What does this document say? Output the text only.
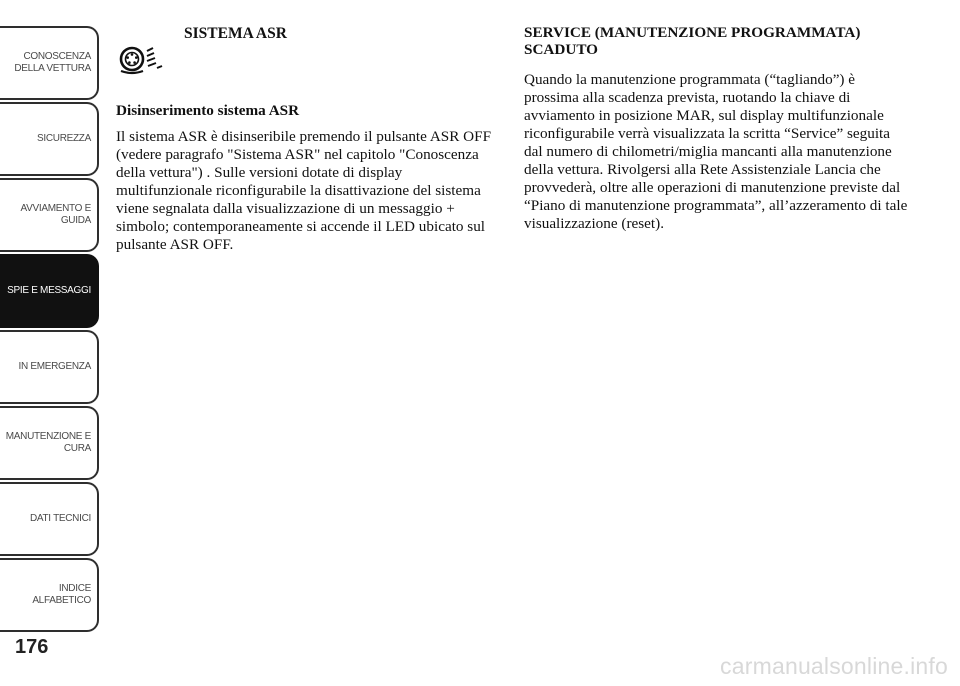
CONOSCENZA
DELLA VETTURA
SICUREZZA
AVVIAMENTO E
GUIDA
SPIE E MESSAGGI
IN EMERGENZA
MANUTENZIONE E
CURA
DATI TECNICI
INDICE
ALFABETICO
176
SISTEMA ASR
Disinserimento sistema ASR
Il sistema ASR è disinseribile premendo il pulsante ASR OFF (vedere paragrafo "Sistema ASR" nel capitolo "Conoscenza della vettura") . Sulle versioni dotate di display multifunzionale riconfigurabile la disattivazione del sistema viene segnalata dalla visualizzazione di un messaggio + simbolo; contemporaneamente si accende il LED ubicato sul pulsante ASR OFF.
SERVICE (MANUTENZIONE PROGRAMMATA) SCADUTO
Quando la manutenzione programmata (“tagliando”) è prossima alla scadenza prevista, ruotando la chiave di avviamento in posizione MAR, sul display multifunzionale riconfigurabile verrà visualizzata la scritta “Service” seguita dal numero di chilometri/miglia mancanti alla manutenzione della vettura. Rivolgersi alla Rete Assistenziale Lancia che provvederà, oltre alle operazioni di manutenzione previste dal “Piano di manutenzione programmata”, all’azzeramento di tale visualizzazione (reset).
carmanualsonline.info
